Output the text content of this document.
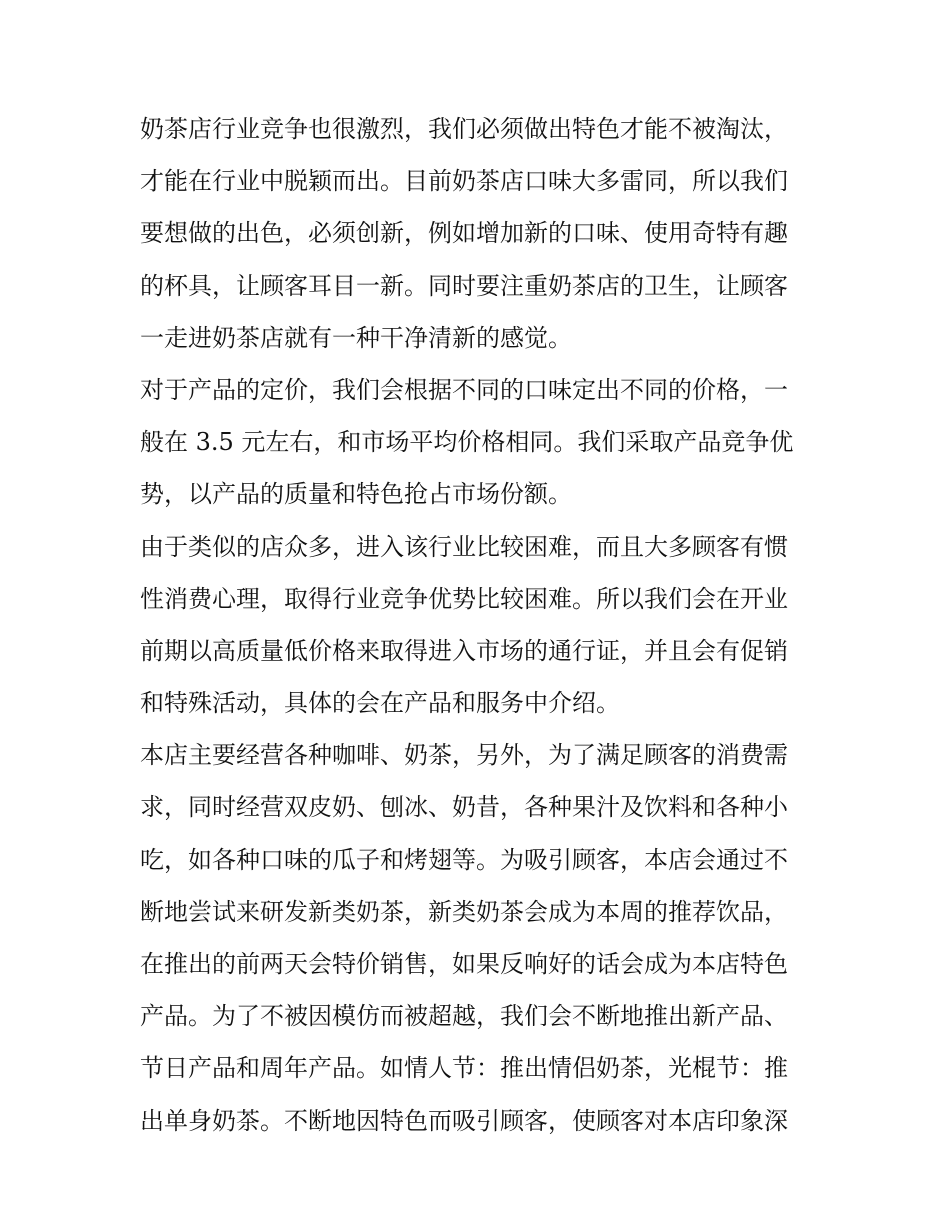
奶茶店行业竞争也很激烈，我们必须做出特色才能不被淘汰，
才能在行业中脱颖而出。目前奶茶店口味大多雷同，所以我们
要想做的出色，必须创新，例如增加新的口味、使用奇特有趣
的杯具，让顾客耳目一新。同时要注重奶茶店的卫生，让顾客
一走进奶茶店就有一种干净清新的感觉。
对于产品的定价，我们会根据不同的口味定出不同的价格，一
般在 3.5 元左右，和市场平均价格相同。我们采取产品竞争优
势，以产品的质量和特色抢占市场份额。
由于类似的店众多，进入该行业比较困难，而且大多顾客有惯
性消费心理，取得行业竞争优势比较困难。所以我们会在开业
前期以高质量低价格来取得进入市场的通行证，并且会有促销
和特殊活动，具体的会在产品和服务中介绍。
本店主要经营各种咖啡、奶茶，另外，为了满足顾客的消费需
求，同时经营双皮奶、刨冰、奶昔，各种果汁及饮料和各种小
吃，如各种口味的瓜子和烤翅等。为吸引顾客，本店会通过不
断地尝试来研发新类奶茶，新类奶茶会成为本周的推荐饮品，
在推出的前两天会特价销售，如果反响好的话会成为本店特色
产品。为了不被因模仿而被超越，我们会不断地推出新产品、
节日产品和周年产品。如情人节：推出情侣奶茶，光棍节：推
出单身奶茶。不断地因特色而吸引顾客，使顾客对本店印象深
